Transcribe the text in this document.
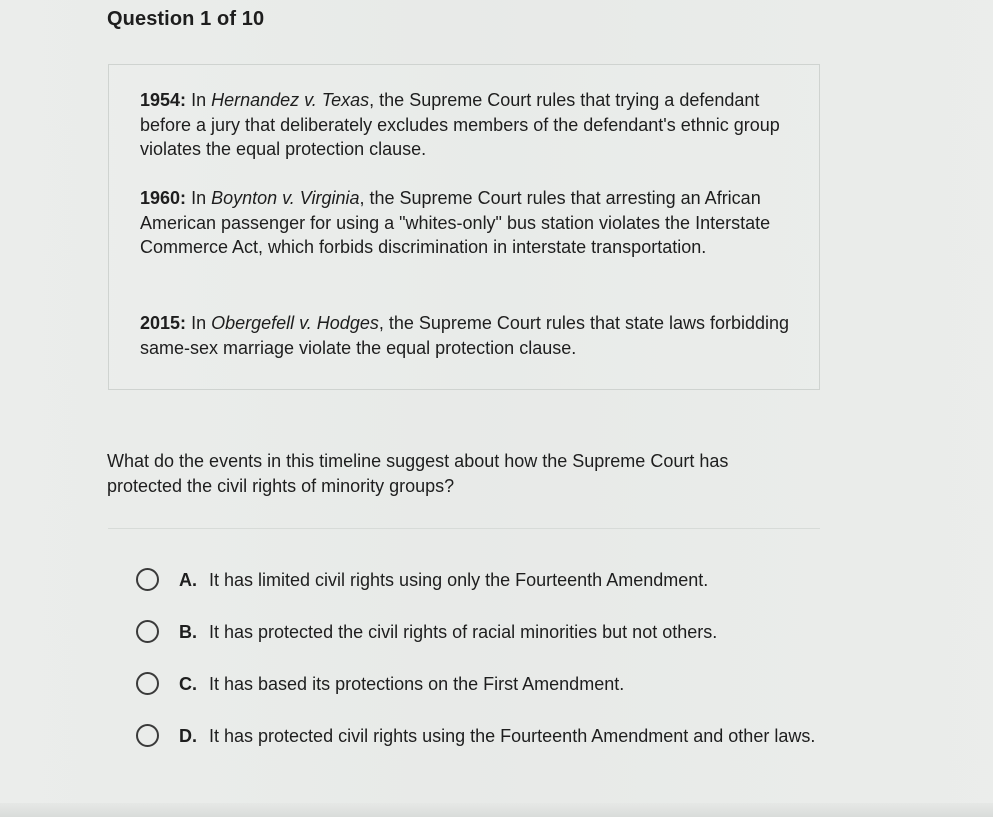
Question 1 of 10
1954: In Hernandez v. Texas, the Supreme Court rules that trying a defendant before a jury that deliberately excludes members of the defendant's ethnic group violates the equal protection clause.
1960: In Boynton v. Virginia, the Supreme Court rules that arresting an African American passenger for using a "whites-only" bus station violates the Interstate Commerce Act, which forbids discrimination in interstate transportation.
2015: In Obergefell v. Hodges, the Supreme Court rules that state laws forbidding same-sex marriage violate the equal protection clause.
What do the events in this timeline suggest about how the Supreme Court has protected the civil rights of minority groups?
A. It has limited civil rights using only the Fourteenth Amendment.
B. It has protected the civil rights of racial minorities but not others.
C. It has based its protections on the First Amendment.
D. It has protected civil rights using the Fourteenth Amendment and other laws.
